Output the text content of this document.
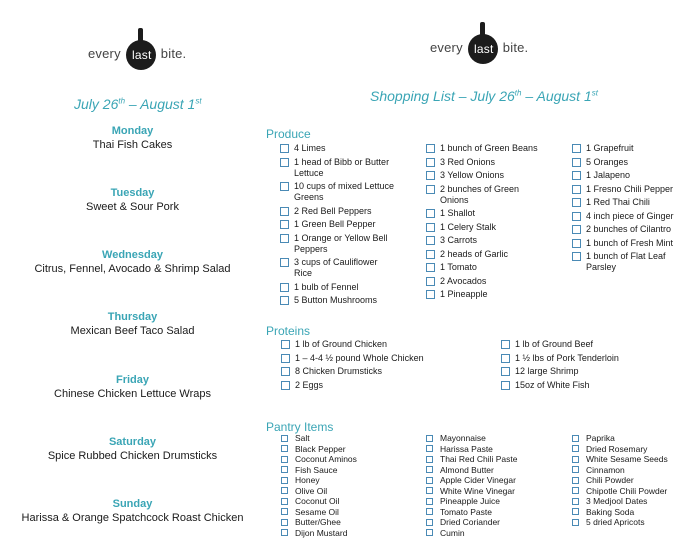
every last bite.	every last bite.
July 26th – August 1st	Shopping List – July 26th – August 1st
Monday
Thai Fish Cakes
Tuesday
Sweet & Sour Pork
Wednesday
Citrus, Fennel, Avocado & Shrimp Salad
Thursday
Mexican Beef Taco Salad
Friday
Chinese Chicken Lettuce Wraps
Saturday
Spice Rubbed Chicken Drumsticks
Sunday
Harissa & Orange Spatchcock Roast Chicken
Produce
4 Limes
1 head of Bibb or Butter Lettuce
10 cups of mixed Lettuce Greens
2 Red Bell Peppers
1 Green Bell Pepper
1 Orange or Yellow Bell Peppers
3 cups of Cauliflower Rice
1 bulb of Fennel
5 Button Mushrooms
1 bunch of Green Beans
3 Red Onions
3 Yellow Onions
2 bunches of Green Onions
1 Shallot
1 Celery Stalk
3 Carrots
2 heads of Garlic
1 Tomato
2 Avocados
1 Pineapple
1 Grapefruit
5 Oranges
1 Jalapeno
1 Fresno Chili Pepper
1 Red Thai Chili
4 inch piece of Ginger
2 bunches of Cilantro
1 bunch of Fresh Mint
1 bunch of Flat Leaf Parsley
Proteins
1 lb of Ground Chicken
1 – 4-4 ½ pound Whole Chicken
8 Chicken Drumsticks
2 Eggs
1 lb of Ground Beef
1 ½ lbs of Pork Tenderloin
12 large Shrimp
15oz of White Fish
Pantry Items
Salt
Black Pepper
Coconut Aminos
Fish Sauce
Honey
Olive Oil
Coconut Oil
Sesame Oil
Butter/Ghee
Dijon Mustard
Mayonnaise
Harissa Paste
Thai Red Chili Paste
Almond Butter
Apple Cider Vinegar
White Wine Vinegar
Pineapple Juice
Tomato Paste
Dried Coriander
Cumin
Paprika
Dried Rosemary
White Sesame Seeds
Cinnamon
Chili Powder
Chipotle Chili Powder
3 Medjool Dates
Baking Soda
5 dried Apricots
